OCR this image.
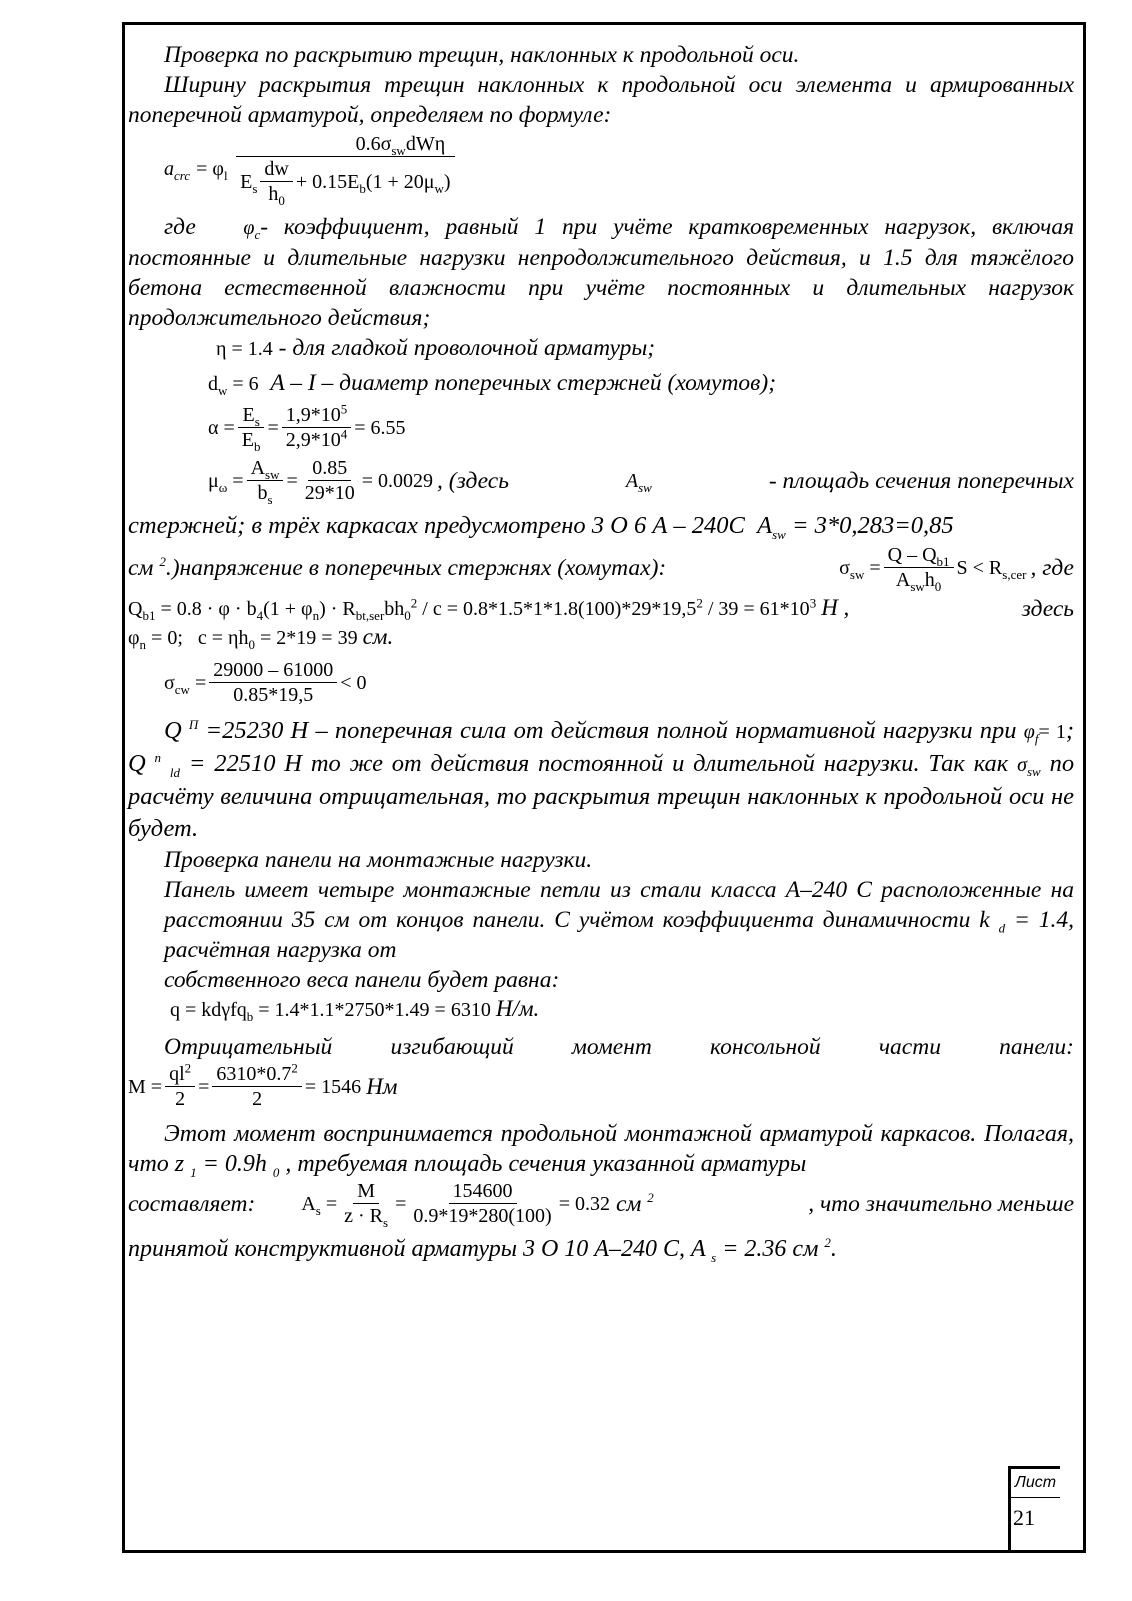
Проверка по раскрытию трещин, наклонных к продольной оси.

Ширину раскрытия трещин наклонных к продольной оси элемента и армированных поперечной арматурой, определяем по формуле:

$a_{crc} = \varphi_l \frac{0.6\sigma_{sw}dW\eta}{E_s \frac{dw}{h_0} + 0.15E_b(1 + 20\mu_w)}$

где $\varphi_c-$ коэффициент, равный 1 при учёте кратковременных нагрузок, включая постоянные и длительные нагрузки непродолжительного действия, и 1.5 для тяжёлого бетона естественной влажности при учёте постоянных и длительных нагрузок продолжительного действия;

η = 1.4 - для гладкой проволочной арматуры;

$d_w = 6$ A – I – диаметр поперечных стержней (хомутов);

$\alpha = \frac{E_s}{E_b} = \frac{1,9*10^5}{2,9*10^4} = 6.55$
$\mu_\omega = \frac{A_{sw}}{b_s} = \frac{0.85}{29*10} = 0.0029$ , (здесь	$A_{sw}$	- площадь сечения поперечных

стержней; в трёх каркасах предусмотрено 3 О 6 А – 240С $A_{sw} = 3*0,283=0,85$

см $^2$.)напряжение в поперечных стержнях (хомутах):	$\sigma_{sw} = \frac{Q - Q_{b1}}{A_{sw}h_0}$ $S < R_{s,cer}$ , где
$Q_{b1} = 0.8 \cdot \varphi \cdot b_4(1 + \varphi_n) \cdot R_{bt,ser}bh_0^2 / c = 0.8*1.5*1*1.8(100)*29*19,5^2 / 39 = 61*10^3$ H ,	здесь

$\varphi_n = 0$; $c = \eta h_0 = 2*19 = 39$ см.

$\sigma_{cw} = \frac{29000 - 61000}{0.85*19,5} < 0$

Q $^П$ =25230 Н – поперечная сила от действия полной нормативной нагрузки при $\varphi_f= 1$; Q $^n$ $_{ld}$ = 22510 Н то же от действия постоянной и длительной нагрузки. Так как $\sigma_{sw}$ по расчёту величина отрицательная, то раскрытия трещин наклонных к продольной оси не будет.

Проверка панели на монтажные нагрузки.

Панель имеет четыре монтажные петли из стали класса А–240 С расположенные на расстоянии 35 см от концов панели. С учётом коэффициента динамичности k $_d$ = 1.4, расчётная нагрузка от
собственного веса панели будет равна:

q = kdγfq$_b$ = 1.4*1.1*2750*1.49 = 6310 Н/м.

Отрицательный изгибающий момент консольной части панели:

$M = \frac{ql^2}{2} = \frac{6310*0.7^2}{2} = 1546$
Нм

Этот момент воспринимается продольной монтажной арматурой каркасов. Полагая, что z $_1$ = 0.9h $_0$ , требуемая площадь сечения указанной арматуры

составляет: $A_s = \frac{M}{z \cdot R_s} = \frac{154600}{0.9*19*280(100)} = 0.32$ см $^2$	, что значительно меньше

принятой конструктивной арматуры 3 О 10 А–240 С, A $_s$ = 2.36 см $^2$.

Лист
21
